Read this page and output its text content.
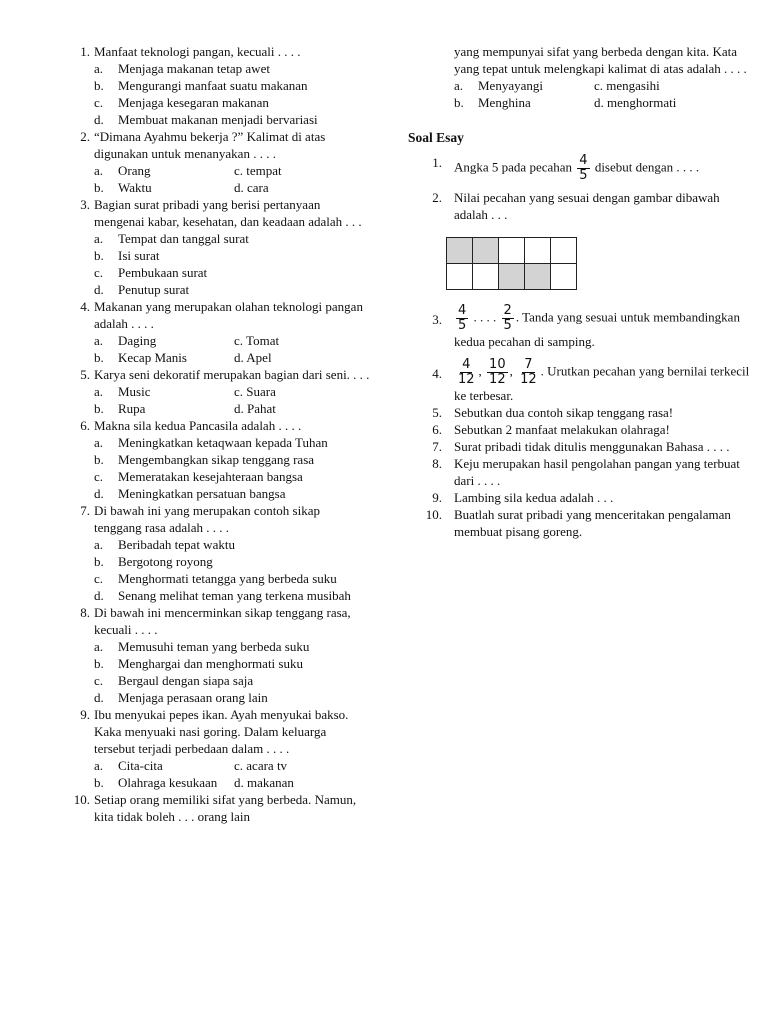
1. Manfaat teknologi pangan, kecuali . . . .
a. Menjaga makanan tetap awet
b. Mengurangi manfaat suatu makanan
c. Menjaga kesegaran makanan
d. Membuat makanan menjadi bervariasi
2. “Dimana Ayahmu bekerja ?” Kalimat di atas digunakan untuk menanyakan . . . .
a. Orang	c. tempat
b. Waktu	d. cara
3. Bagian surat pribadi yang berisi pertanyaan mengenai kabar, kesehatan, dan keadaan adalah . . .
a. Tempat dan tanggal surat
b. Isi surat
c. Pembukaan surat
d. Penutup surat
4. Makanan yang merupakan olahan teknologi pangan adalah . . . .
a. Daging	c. Tomat
b. Kecap Manis	d. Apel
5. Karya seni dekoratif merupakan bagian dari seni. . . .
a. Music	c. Suara
b. Rupa	d. Pahat
6. Makna sila kedua Pancasila adalah . . . .
a. Meningkatkan ketaqwaan kepada Tuhan
b. Mengembangkan sikap tenggang rasa
c. Memeratakan kesejahteraan bangsa
d. Meningkatkan persatuan bangsa
7. Di bawah ini yang merupakan contoh sikap tenggang rasa adalah . . . .
a. Beribadah tepat waktu
b. Bergotong royong
c. Menghormati tetangga yang berbeda suku
d. Senang melihat teman yang terkena musibah
8. Di bawah ini mencerminkan sikap tenggang rasa, kecuali . . . .
a. Memusuhi teman yang berbeda suku
b. Menghargai dan menghormati suku
c. Bergaul dengan siapa saja
d. Menjaga perasaan orang lain
9. Ibu menyukai pepes ikan. Ayah menyukai bakso. Kaka menyuaki nasi goring. Dalam keluarga tersebut terjadi perbedaan dalam . . . .
a. Cita-cita	c. acara tv
b. Olahraga kesukaan	d. makanan
10. Setiap orang memiliki sifat yang berbeda. Namun, kita tidak boleh . . . orang lain
yang mempunyai sifat yang berbeda dengan kita. Kata yang tepat untuk melengkapi kalimat di atas adalah . . . .
a. Menyayangi	c. mengasihi
b. Menghina	d. menghormati
Soal Esay
1. Angka 5 pada pecahan $\frac{4}{5}$ disebut dengan . . . .
2. Nilai pecahan yang sesuai dengan gambar dibawah adalah . . .
3. $\frac{4}{5}$ . . . . $\frac{2}{5}$ . Tanda yang sesuai untuk membandingkan kedua pecahan di samping.
4. $\frac{4}{12}$ , $\frac{10}{12}$ , $\frac{7}{12}$ . Urutkan pecahan yang bernilai terkecil ke terbesar.
5. Sebutkan dua contoh sikap tenggang rasa!
6. Sebutkan 2 manfaat melakukan olahraga!
7. Surat pribadi tidak ditulis menggunakan Bahasa . . . .
8. Keju merupakan hasil pengolahan pangan yang terbuat dari . . . .
9. Lambing sila kedua adalah . . .
10. Buatlah surat pribadi yang menceritakan pengalaman membuat pisang goreng.
